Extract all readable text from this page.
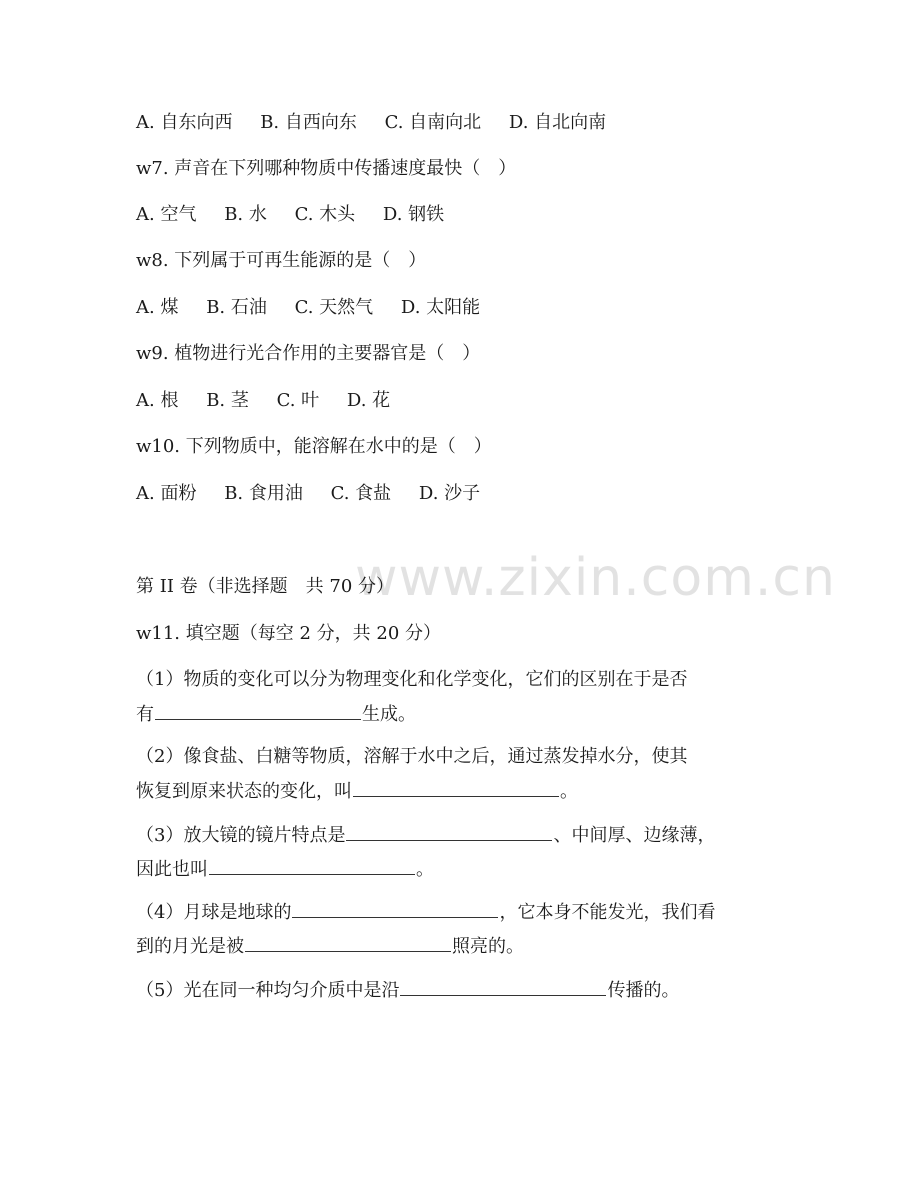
A. 自东向西 B. 自西向东 C. 自南向北 D. 自北向南
w7. 声音在下列哪种物质中传播速度最快（　）
A. 空气 B. 水 C. 木头 D. 钢铁
w8. 下列属于可再生能源的是（　）
A. 煤 B. 石油 C. 天然气 D. 太阳能
w9. 植物进行光合作用的主要器官是（　）
A. 根 B. 茎 C. 叶 D. 花
w10. 下列物质中，能溶解在水中的是（　）
A. 面粉 B. 食用油 C. 食盐 D. 沙子
www.zixin.com.cn
第 II 卷（非选择题　共 70 分）
w11. 填空题（每空 2 分，共 20 分）
（1）物质的变化可以分为物理变化和化学变化，它们的区别在于是否
有	生成。
（2）像食盐、白糖等物质，溶解于水中之后，通过蒸发掉水分，使其
恢复到原来状态的变化，叫	。
（3）放大镜的镜片特点是	、中间厚、边缘薄，
因此也叫	。
（4）月球是地球的	，它本身不能发光，我们看
到的月光是被	照亮的。
（5）光在同一种均匀介质中是沿	传播的。
